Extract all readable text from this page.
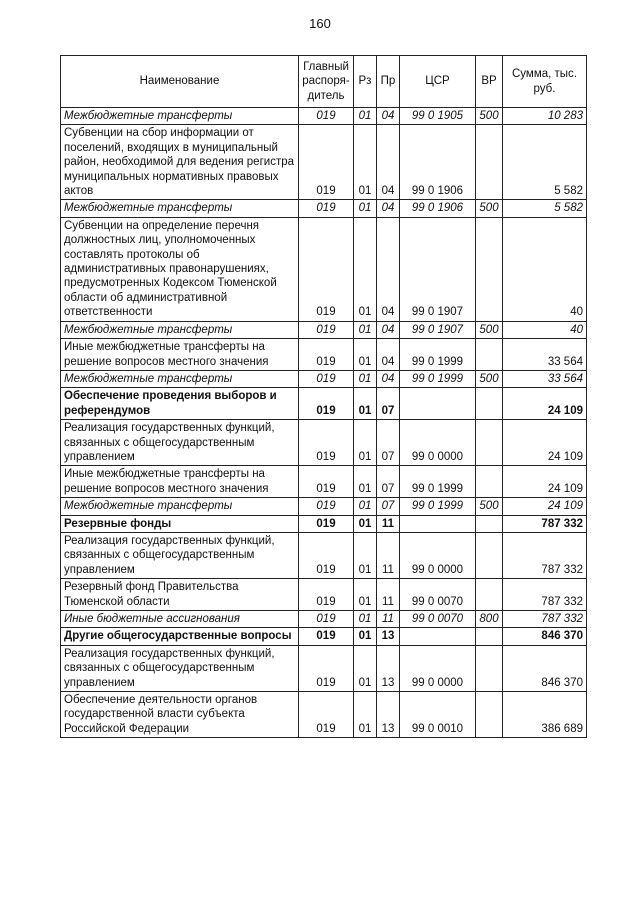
160
Наименование	Главный распоря-дитель	Рз	Пр	ЦСР	ВР	Сумма, тыс. руб.
Межбюджетные трансферты	019	01	04	99 0 1905	500	10 283
Субвенции на сбор информации от поселений, входящих в муниципальный район, необходимой для ведения регистра муниципальных нормативных правовых актов	019	01	04	99 0 1906		5 582
Межбюджетные трансферты	019	01	04	99 0 1906	500	5 582
Субвенции на определение перечня должностных лиц, уполномоченных составлять протоколы об административных правонарушениях, предусмотренных Кодексом Тюменской области об административной ответственности	019	01	04	99 0 1907		40
Межбюджетные трансферты	019	01	04	99 0 1907	500	40
Иные межбюджетные трансферты на решение вопросов местного значения	019	01	04	99 0 1999		33 564
Межбюджетные трансферты	019	01	04	99 0 1999	500	33 564
Обеспечение проведения выборов и референдумов	019	01	07			24 109
Реализация государственных функций, связанных с общегосударственным управлением	019	01	07	99 0 0000		24 109
Иные межбюджетные трансферты на решение вопросов местного значения	019	01	07	99 0 1999		24 109
Межбюджетные трансферты	019	01	07	99 0 1999	500	24 109
Резервные фонды	019	01	11			787 332
Реализация государственных функций, связанных с общегосударственным управлением	019	01	11	99 0 0000		787 332
Резервный фонд Правительства Тюменской области	019	01	11	99 0 0070		787 332
Иные бюджетные ассигнования	019	01	11	99 0 0070	800	787 332
Другие общегосударственные вопросы	019	01	13			846 370
Реализация государственных функций, связанных с общегосударственным управлением	019	01	13	99 0 0000		846 370
Обеспечение деятельности органов государственной власти субъекта Российской Федерации	019	01	13	99 0 0010		386 689
